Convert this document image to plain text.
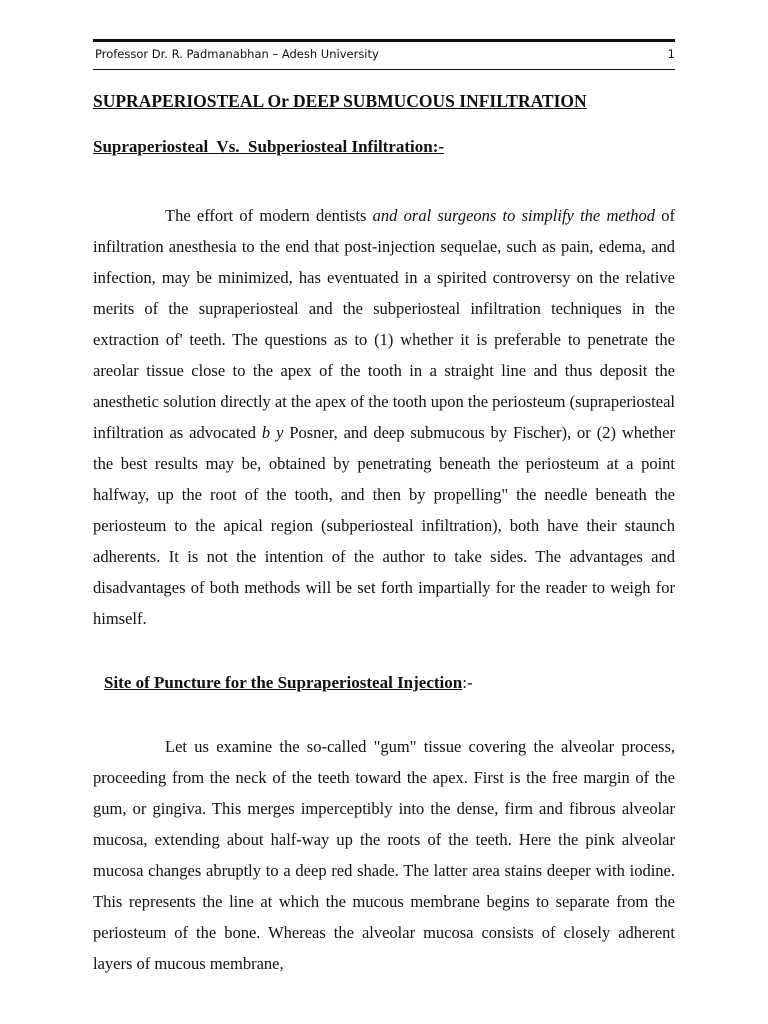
Professor Dr. R. Padmanabhan – Adesh University	1
SUPRAPERIOSTEAL Or DEEP SUBMUCOUS INFILTRATION
Supraperiosteal  Vs.  Subperiosteal Infiltration:-

The effort of modern dentists and oral surgeons to simplify the method of infiltration anesthesia to the end that post-injection sequelae, such as pain, edema, and infection, may be minimized, has eventuated in a spirited controversy on the relative merits of the supraperiosteal and the subperiosteal infiltration techniques in the extraction of' teeth. The questions as to (1) whether it is preferable to penetrate the areolar tissue close to the apex of the tooth in a straight line and thus deposit the anesthetic solution directly at the apex of the tooth upon the periosteum (supraperiosteal infiltration as advocated b y Posner, and deep submucous by Fischer), or (2) whether the best results may be, obtained by penetrating beneath the periosteum at a point halfway, up the root of the tooth, and then by propelling" the needle beneath the periosteum to the apical region (subperiosteal infiltration), both have their staunch adherents. It is not the intention of the author to take sides. The advantages and disadvantages of both methods will be set forth impartially for the reader to weigh for himself.

Site of Puncture for the Supraperiosteal Injection:-

Let us examine the so-called "gum" tissue covering the alveolar process, proceeding from the neck of the teeth toward the apex. First is the free margin of the gum, or gingiva. This merges imperceptibly into the dense, firm and fibrous alveolar mucosa, extending about half-way up the roots of the teeth. Here the pink alveolar mucosa changes abruptly to a deep red shade. The latter area stains deeper with iodine. This represents the line at which the mucous membrane begins to separate from the periosteum of the bone. Whereas the alveolar mucosa consists of closely adherent layers of mucous membrane,
